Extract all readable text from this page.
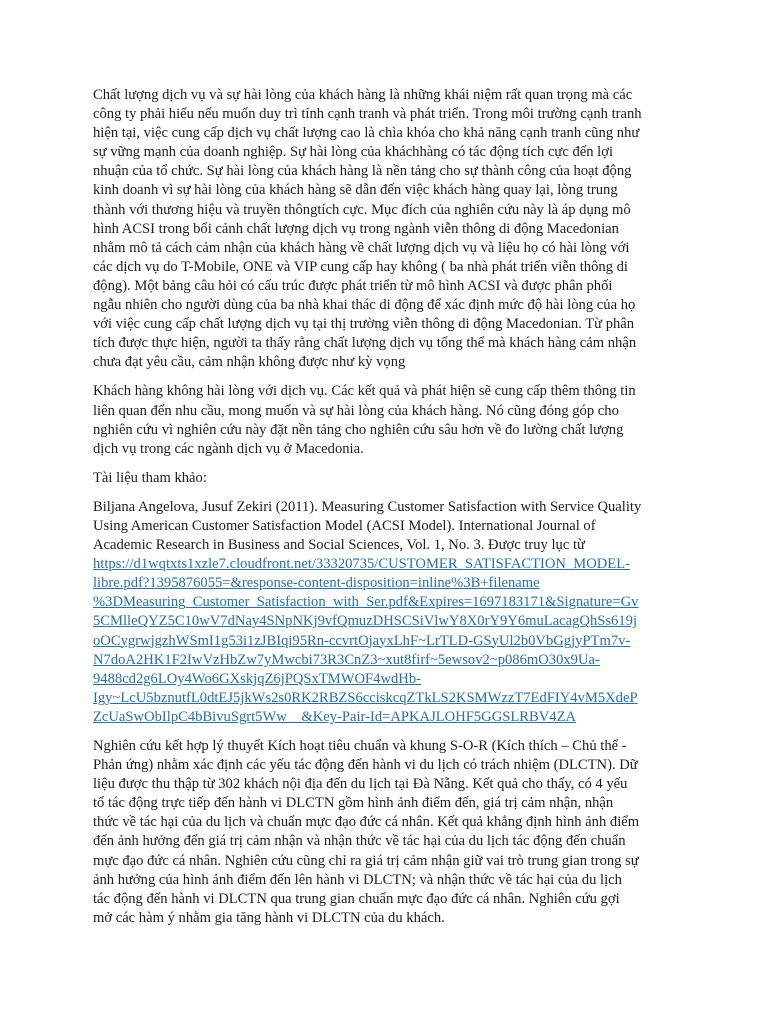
Chất lượng dịch vụ và sự hài lòng của khách hàng là những khái niệm rất quan trọng mà các
công ty phải hiểu nếu muốn duy trì tính cạnh tranh và phát triển. Trong môi trường cạnh tranh
hiện tại, việc cung cấp dịch vụ chất lượng cao là chìa khóa cho khả năng cạnh tranh cũng như
sự vững mạnh của doanh nghiệp. Sự hài lòng của kháchhàng có tác động tích cực đến lợi
nhuận của tổ chức. Sự hài lòng của khách hàng là nền tảng cho sự thành công của hoạt động
kinh doanh vì sự hài lòng của khách hàng sẽ dẫn đến việc khách hàng quay lại, lòng trung
thành với thương hiệu và truyền thôngtích cực. Mục đích của nghiên cứu này là áp dụng mô
hình ACSI trong bối cảnh chất lượng dịch vụ trong ngành viễn thông di động Macedonian
nhằm mô tả cách cảm nhận của khách hàng về chất lượng dịch vụ và liệu họ có hài lòng với
các dịch vụ do T-Mobile, ONE và VIP cung cấp hay không ( ba nhà phát triển viễn thông di
động). Một bảng câu hỏi có cấu trúc được phát triển từ mô hình ACSI và được phân phối
ngẫu nhiên cho người dùng của ba nhà khai thác di động để xác định mức độ hài lòng của họ
với việc cung cấp chất lượng dịch vụ tại thị trường viễn thông di động Macedonian. Từ phân
tích được thực hiện, người ta thấy rằng chất lượng dịch vụ tổng thể mà khách hàng cảm nhận
chưa đạt yêu cầu, cảm nhận không được như kỳ vọng

Khách hàng không hài lòng với dịch vụ. Các kết quả và phát hiện sẽ cung cấp thêm thông tin
liên quan đến nhu cầu, mong muốn và sự hài lòng của khách hàng. Nó cũng đóng góp cho
nghiên cứu vì nghiên cứu này đặt nền tảng cho nghiên cứu sâu hơn về đo lường chất lượng
dịch vụ trong các ngành dịch vụ ở Macedonia.

Tài liệu tham khảo:

Biljana Angelova, Jusuf Zekiri (2011). Measuring Customer Satisfaction with Service Quality
Using American Customer Satisfaction Model (ACSI Model). International Journal of
Academic Research in Business and Social Sciences, Vol. 1, No. 3. Được truy lục từ
https://d1wqtxts1xzle7.cloudfront.net/33320735/CUSTOMER_SATISFACTION_MODEL-
libre.pdf?1395876055=&response-content-disposition=inline%3B+filename
%3DMeasuring_Customer_Satisfaction_with_Ser.pdf&Expires=1697183171&Signature=Gv
5CMlleQYZ5C10wV7dNay4SNpNKj9vfQmuzDHSCSiVlwY8X0rY9Y6muLacagQhSs619j
oOCygrwjgzhWSmI1g53i1zJBIqi95Rn-ccvrtOjayxLhF~LrTLD-GSyUl2b0VbGgjyPTm7v-
N7doA2HK1F2IwVzHbZw7yMwcbi73R3CnZ3~xut8firf~5ewsov2~p086mO30x9Ua-
9488cd2g6LOy4Wo6GXskjqZ6jPQSxTMWOF4wdHb-
Igy~LcU5bznutfL0dtEJ5jkWs2s0RK2RBZS6cciskcqZTkLS2KSMWzzT7EdFIY4vM5XdeP
ZcUaSwObIlpC4bBivuSgrt5Ww__&Key-Pair-Id=APKAJLOHF5GGSLRBV4ZA

Nghiên cứu kết hợp lý thuyết Kích hoạt tiêu chuẩn và khung S-O-R (Kích thích – Chủ thể -
Phản ứng) nhằm xác định các yếu tác động đến hành vi du lịch có trách nhiệm (DLCTN). Dữ
liệu được thu thập từ 302 khách nội địa đến du lịch tại Đà Nẵng. Kết quả cho thấy, có 4 yếu
tố tác động trực tiếp đến hành vi DLCTN gồm hình ảnh điểm đến, giá trị cảm nhận, nhận
thức về tác hại của du lịch và chuẩn mực đạo đức cá nhân. Kết quả khẳng định hình ảnh điểm
đến ảnh hưởng đến giá trị cảm nhận và nhận thức về tác hại của du lịch tác động đến chuẩn
mực đạo đức cá nhân. Nghiên cứu cũng chỉ ra giá trị cảm nhận giữ vai trò trung gian trong sự
ảnh hưởng của hình ảnh điểm đến lên hành vi DLCTN; và nhận thức về tác hại của du lịch
tác động đến hành vi DLCTN qua trung gian chuẩn mực đạo đức cá nhân. Nghiên cứu gợi
mở các hàm ý nhằm gia tăng hành vi DLCTN của du khách.
